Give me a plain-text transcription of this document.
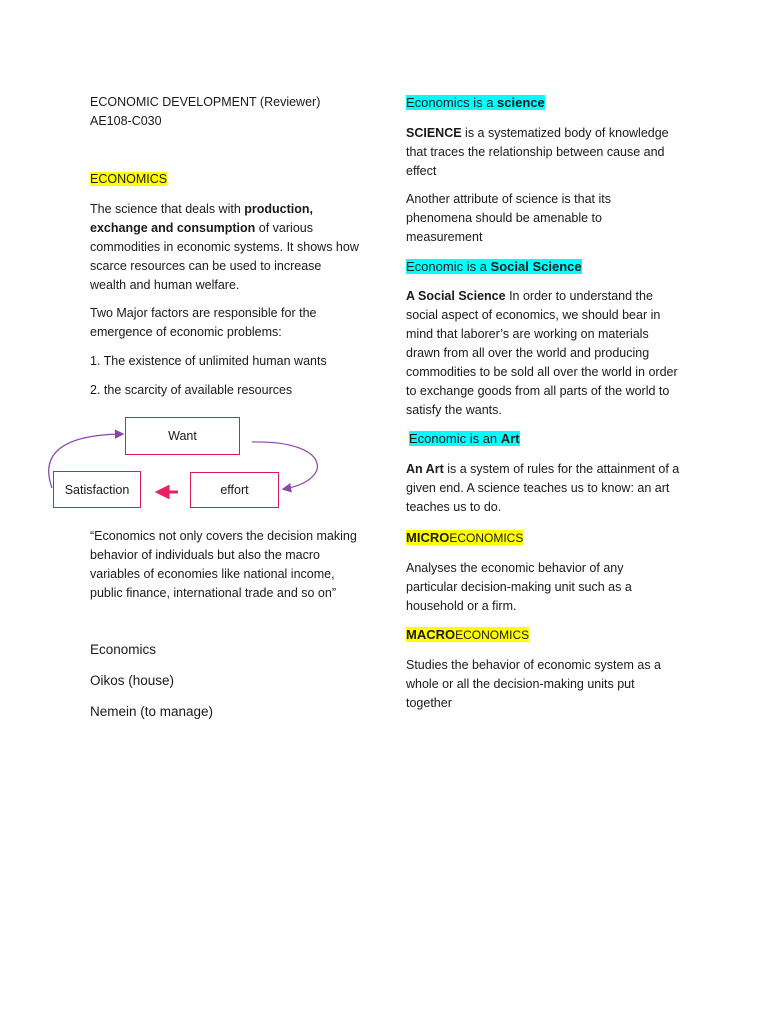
ECONOMIC DEVELOPMENT (Reviewer)
AE108-C030
ECONOMICS
The science that deals with production, exchange and consumption of various commodities in economic systems. It shows how scarce resources can be used to increase wealth and human welfare.
Two Major factors are responsible for the emergence of economic problems:
1. The existence of unlimited human wants
2. the scarcity of available resources
Want
effort
Satisfaction
“Economics not only covers the decision making behavior of individuals but also the macro variables of economies like national income, public finance, international trade and so on”
Economics
Oikos (house)
Nemein (to manage)
Economics is a science
SCIENCE is a systematized body of knowledge that traces the relationship between cause and effect
Another attribute of science is that its phenomena should be amenable to measurement
Economic is a Social Science
A Social Science In order to understand the social aspect of economics, we should bear in mind that laborer’s are working on materials drawn from all over the world and producing commodities to be sold all over the world in order to exchange goods from all parts of the world to satisfy the wants.
Economic is an Art
An Art is a system of rules for the attainment of a given end. A science teaches us to know: an art teaches us to do.
MICROECONOMICS
Analyses the economic behavior of any particular decision-making unit such as a household or a firm.
MACROECONOMICS
Studies the behavior of economic system as a whole or all the decision-making units put together
